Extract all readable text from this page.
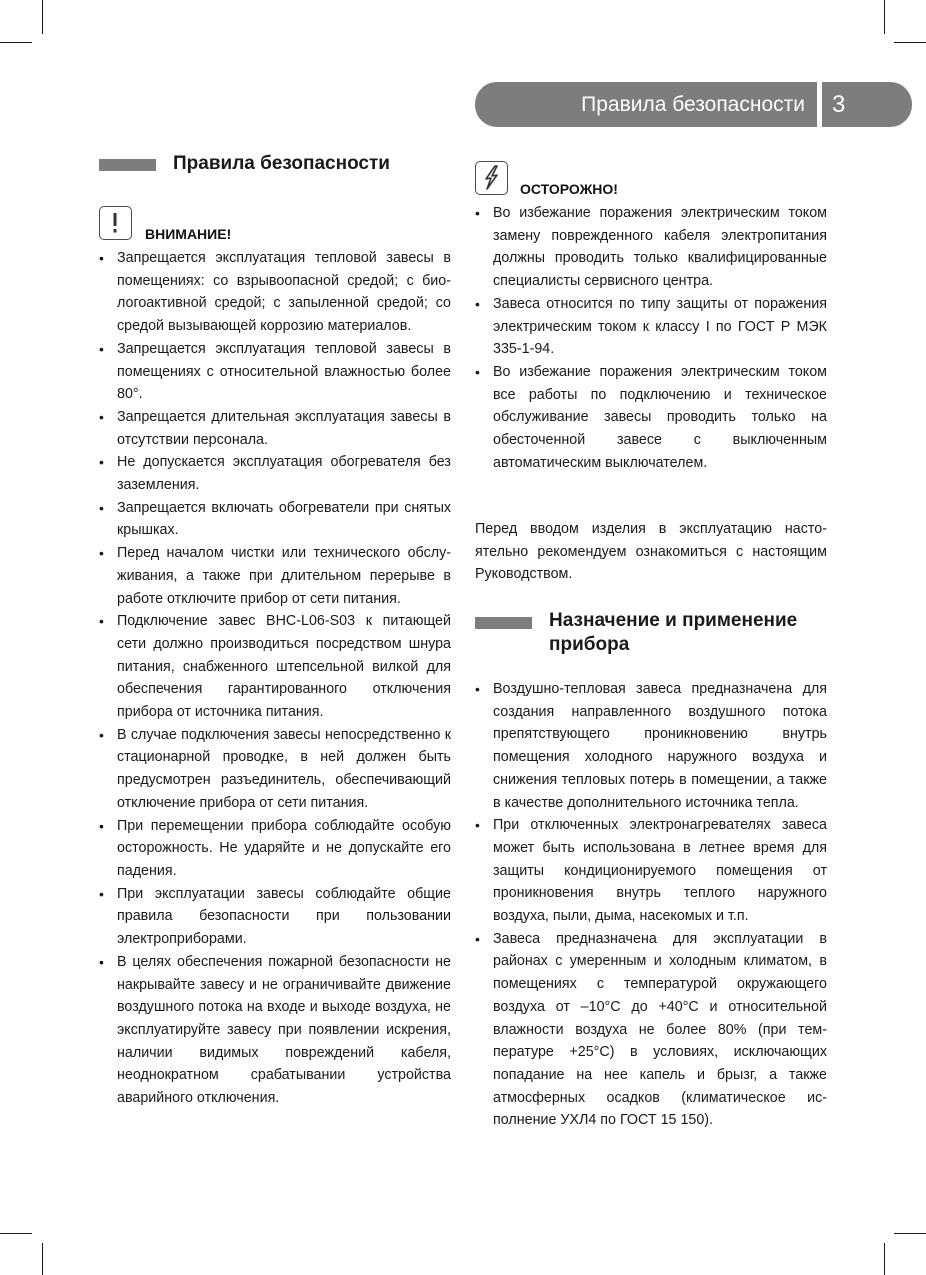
Правила безопасности 3
Правила безопасности
ВНИМАНИЕ!
• Запрещается эксплуатация тепловой завесы в помещениях: со взрывоопасной средой; с биологоактивной средой; с запыленной средой; со средой вызывающей коррозию материалов.
• Запрещается эксплуатация тепловой завесы в помещениях с относительной влажностью более 80°.
• Запрещается длительная эксплуатация завесы в отсутствии персонала.
• Не допускается эксплуатация обогревателя без заземления.
• Запрещается включать обогреватели при снятых крышках.
• Перед началом чистки или технического обслуживания, а также при длительном перерыве в работе отключите прибор от сети питания.
• Подключение завес ВНС-L06-S03 к питающей сети должно производиться посредством шнура питания, снабженного штепсельной вилкой для обеспечения гарантированного отключения прибора от источника питания.
• В случае подключения завесы непосредственно к стационарной проводке, в ней должен быть предусмотрен разъединитель, обеспечивающий отключение прибора от сети питания.
• При перемещении прибора соблюдайте особую осторожность. Не ударяйте и не допускайте его падения.
• При эксплуатации завесы соблюдайте общие правила безопасности при пользовании электроприборами.
• В целях обеспечения пожарной безопасности не накрывайте завесу и не ограничивайте движение воздушного потока на входе и выходе воздуха, не эксплуатируйте завесу при появлении искрения, наличии видимых повреждений кабеля, неоднократном срабатывании устройства аварийного отключения.
ОСТОРОЖНО!
• Во избежание поражения электрическим током замену поврежденного кабеля электропитания должны проводить только квалифицированные специалисты сервисного центра.
• Завеса относится по типу защиты от поражения электрическим током к классу I по ГОСТ Р МЭК 335-1-94.
• Во избежание поражения электрическим током все работы по подключению и техническое обслуживание завесы проводить только на обесточенной завесе с выключенным автоматическим выключателем.

Перед вводом изделия в эксплуатацию настоятельно рекомендуем ознакомиться с настоящим Руководством.

Назначение и применение
прибора
• Воздушно-тепловая завеса предназначена для создания направленного воздушного потока препятствующего проникновению внутрь помещения холодного наружного воздуха и снижения тепловых потерь в помещении, а также в качестве дополнительного источника тепла.
• При отключенных электронагревателях завеса может быть использована в летнее время для защиты кондиционируемого помещения от проникновения внутрь теплого наружного воздуха, пыли, дыма, насекомых и т.п.
• Завеса предназначена для эксплуатации в районах с умеренным и холодным климатом, в помещениях с температурой окружающего воздуха от –10°С до +40°С и относительной влажности воздуха не более 80% (при температуре +25°С) в условиях, исключающих попадание на нее капель и брызг, а также атмосферных осадков (климатическое исполнение УХЛ4 по ГОСТ 15 150).
